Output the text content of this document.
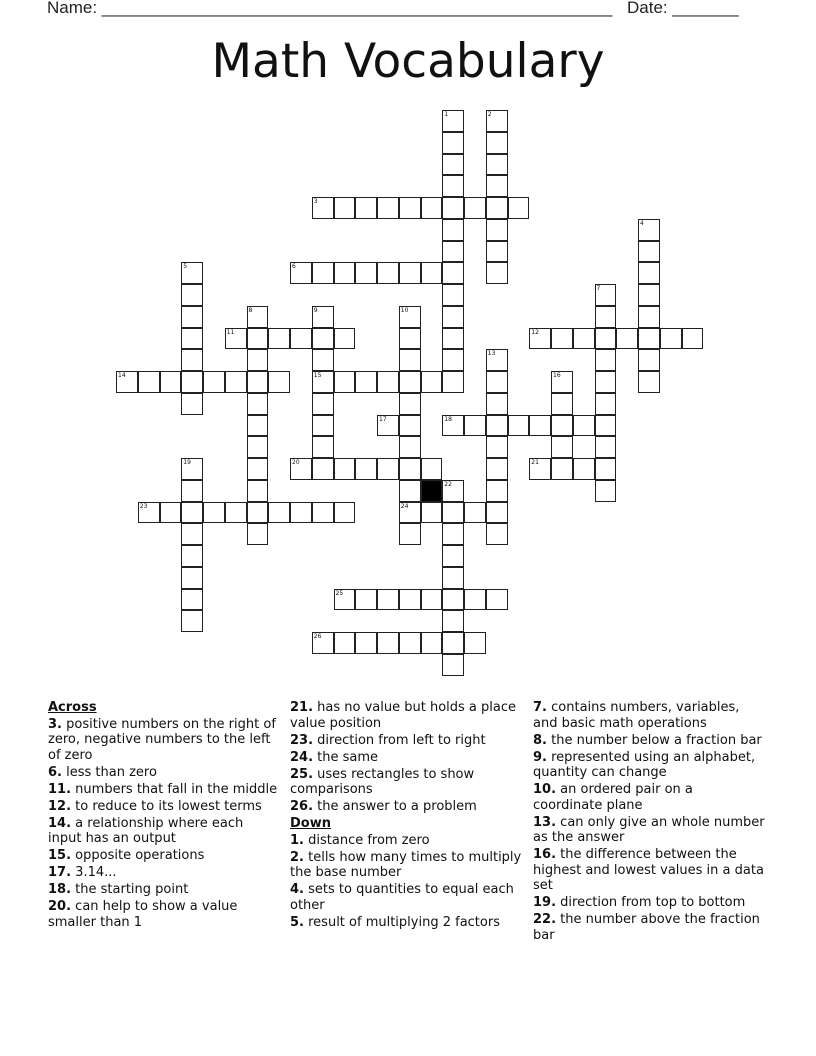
Name: ______________________________________________________ Date: _______
Math Vocabulary
1	2
3
4
5	6
7
8	9
15
10
24
11	12
13
14	16
17	18
19	20	21
22
23
25
26
Across
3. positive numbers on the right of zero, negative numbers to the left of zero
6. less than zero
11. numbers that fall in the middle
12. to reduce to its lowest terms
14. a relationship where each input has an output
15. opposite operations
17. 3.14...
18. the starting point
20. can help to show a value smaller than 1
21. has no value but holds a place value position
23. direction from left to right
24. the same
25. uses rectangles to show comparisons
26. the answer to a problem
Down
1. distance from zero
2. tells how many times to multiply the base number
4. sets to quantities to equal each other
5. result of multiplying 2 factors
7. contains numbers, variables, and basic math operations
8. the number below a fraction bar
9. represented using an alphabet, quantity can change
10. an ordered pair on a coordinate plane
13. can only give an whole number as the answer
16. the difference between the highest and lowest values in a data set
19. direction from top to bottom
22. the number above the fraction bar
